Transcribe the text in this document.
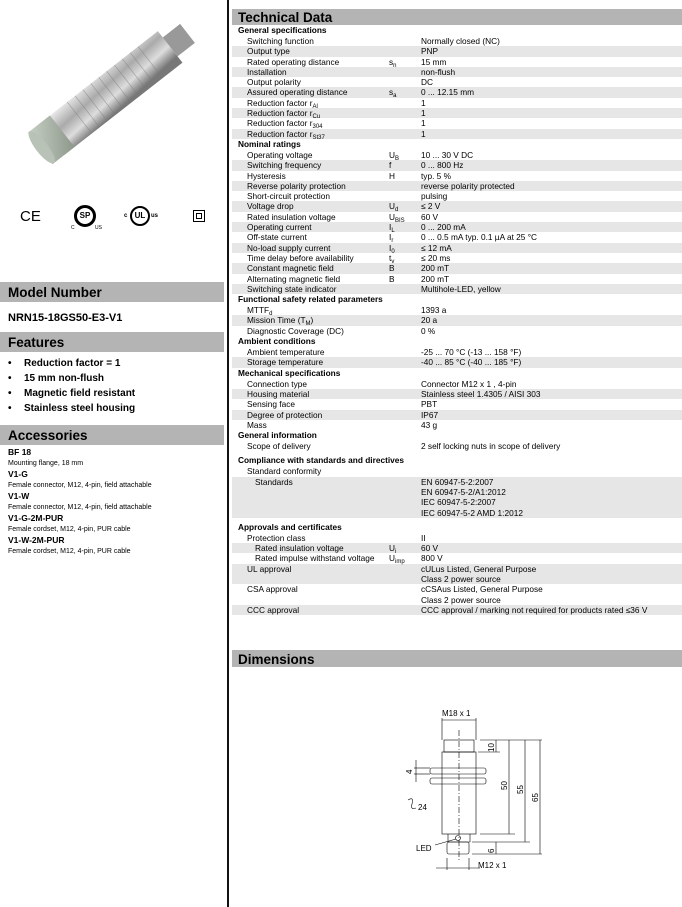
CE	SP
C	US
c UL us
Model Number
NRN15-18GS50-E3-V1
Features
•	Reduction factor = 1
•	15 mm non-flush
•	Magnetic field resistant
•	Stainless steel housing
Accessories
BF 18
Mounting flange, 18 mm
V1-G
Female connector, M12, 4-pin, field attachable
V1-W
Female connector, M12, 4-pin, field attachable
V1-G-2M-PUR
Female cordset, M12, 4-pin, PUR cable
V1-W-2M-PUR
Female cordset, M12, 4-pin, PUR cable
Technical Data
General specifications
Switching function	Normally closed (NC)
Output type	PNP
Rated operating distance	$s_n$	15 mm
Installation	non-flush
Output polarity	DC
Assured operating distance	$s_a$	0 ... 12.15 mm
Reduction factor $r_{Al}$	1
Reduction factor $r_{Cu}$	1
Reduction factor $r_{304}$	1
Reduction factor $r_{St37}$	1
Nominal ratings
Operating voltage	$U_B$	10 ... 30 V DC
Switching frequency	f	0 ... 800 Hz
Hysteresis	H	typ. 5 %
Reverse polarity protection	reverse polarity protected
Short-circuit protection	pulsing
Voltage drop	$U_d$	≤ 2 V
Rated insulation voltage	$U_{BIS}$	60 V
Operating current	$I_L$	0 ... 200 mA
Off-state current	$I_r$	0 ... 0.5 mA typ. 0.1 µA at 25 °C
No-load supply current	$I_0$	≤ 12 mA
Time delay before availability	$t_v$	≤ 20 ms
Constant magnetic field	B	200 mT
Alternating magnetic field	B	200 mT
Switching state indicator	Multihole-LED, yellow
Functional safety related parameters
$MTTF_d$	1393 a
Mission Time $(T_M)$	20 a
Diagnostic Coverage (DC)	0 %
Ambient conditions
Ambient temperature	-25 ... 70 °C (-13 ... 158 °F)
Storage temperature	-40 ... 85 °C (-40 ... 185 °F)
Mechanical specifications
Connection type	Connector M12 x 1 , 4-pin
Housing material	Stainless steel 1.4305 / AISI 303
Sensing face	PBT
Degree of protection	IP67
Mass	43 g
General information
Scope of delivery	2 self locking nuts in scope of delivery
Compliance with standards and directives
Standard conformity
Standards	EN 60947-5-2:2007
EN 60947-5-2/A1:2012
IEC 60947-5-2:2007
IEC 60947-5-2 AMD 1:2012
Approvals and certificates
Protection class	II
Rated insulation voltage	$U_i$	60 V
Rated impulse withstand voltage	$U_{imp}$	800 V
UL approval	cULus Listed, General Purpose
Class 2 power source
CSA approval	cCSAus Listed, General Purpose
Class 2 power source
CCC approval	CCC approval / marking not required for products rated ≤36 V
Dimensions
M18 x 1
M12 x 1
LED
24
10
50 55
65
4
6
